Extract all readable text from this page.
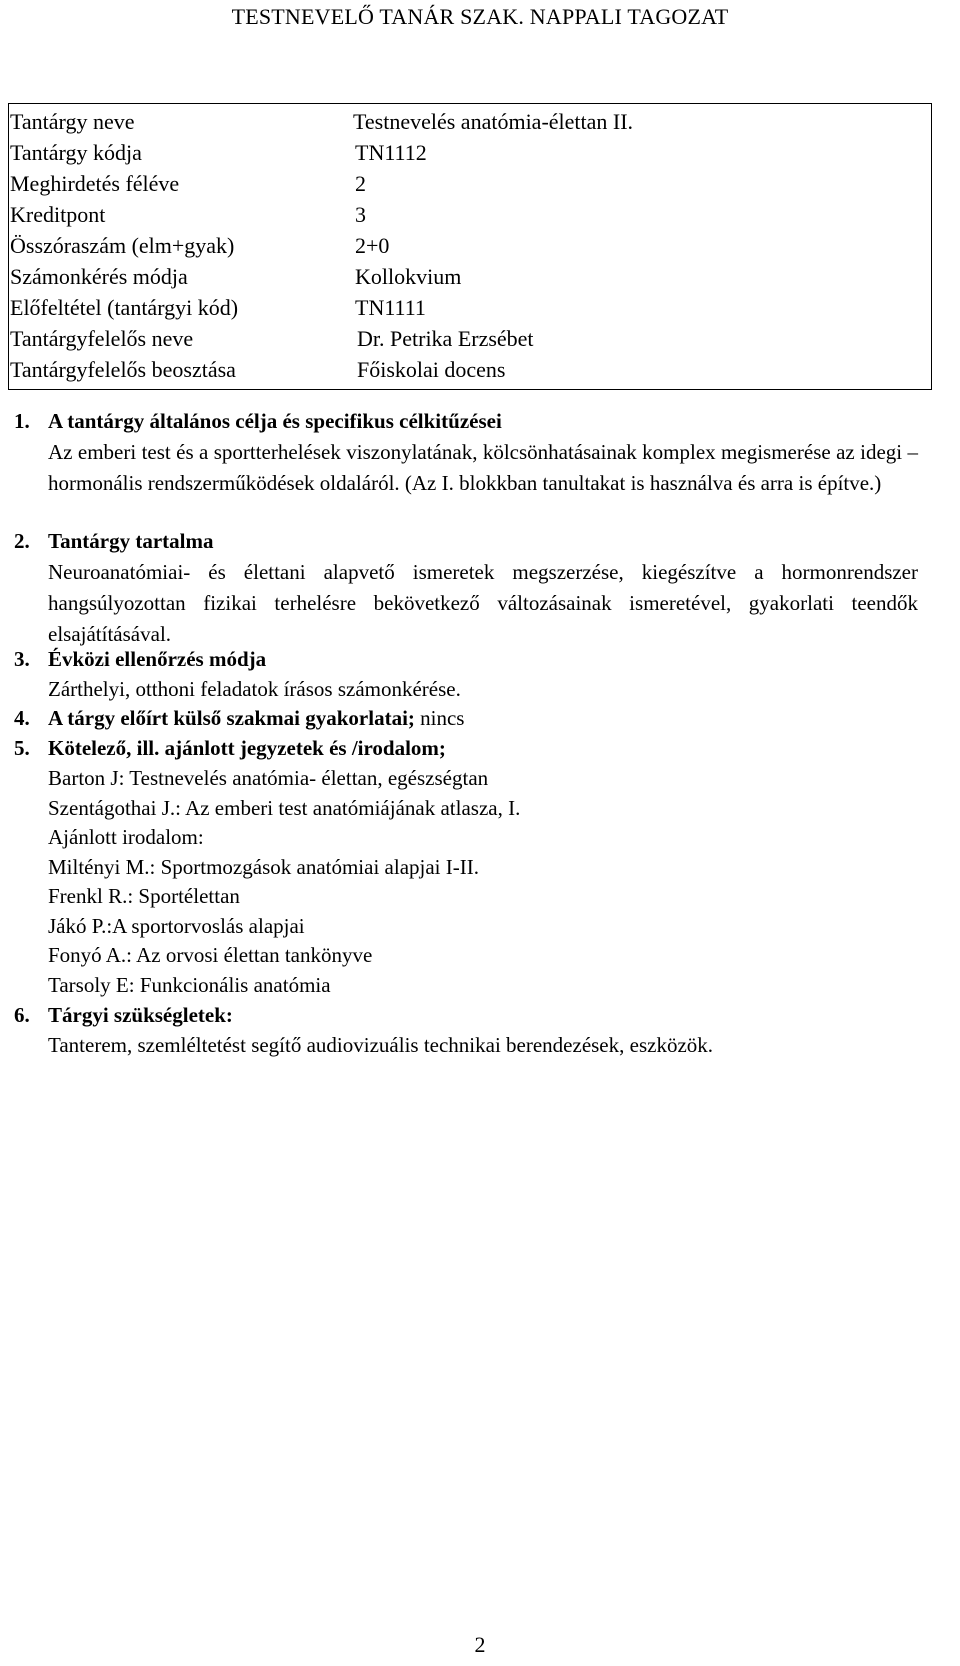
TESTNEVELŐ TANÁR SZAK. NAPPALI TAGOZAT
Tantárgy neve	Testnevelés anatómia-élettan II.
Tantárgy kódja	TN1112
Meghirdetés féléve	2
Kreditpont	3
Összóraszám (elm+gyak)	2+0
Számonkérés módja	Kollokvium
Előfeltétel (tantárgyi kód)	TN1111
Tantárgyfelelős neve	Dr. Petrika Erzsébet
Tantárgyfelelős beosztása	Főiskolai docens
1. A tantárgy általános célja és specifikus célkitűzései
Az emberi test és a sportterhelések viszonylatának, kölcsönhatásainak komplex megismerése az idegi – hormonális rendszerműködések oldaláról. (Az I. blokkban tanultakat is használva és arra is építve.)
2. Tantárgy tartalma
Neuroanatómiai- és élettani alapvető ismeretek megszerzése, kiegészítve a hormonrendszer hangsúlyozottan fizikai terhelésre bekövetkező változásainak ismeretével, gyakorlati teendők elsajátításával.
3. Évközi ellenőrzés módja
Zárthelyi, otthoni feladatok írásos számonkérése.
4. A tárgy előírt külső szakmai gyakorlatai; nincs
5. Kötelező, ill. ajánlott jegyzetek és /irodalom;
Barton J: Testnevelés anatómia- élettan, egészségtan
Szentágothai J.: Az emberi test anatómiájának atlasza, I.
Ajánlott irodalom:
Miltényi M.: Sportmozgások anatómiai alapjai I-II.
Frenkl R.: Sportélettan
Jákó P.:A sportorvoslás alapjai
Fonyó A.: Az orvosi élettan tankönyve
Tarsoly E: Funkcionális anatómia
6. Tárgyi szükségletek:
Tanterem, szemléltetést segítő audiovizuális technikai berendezések, eszközök.
2
